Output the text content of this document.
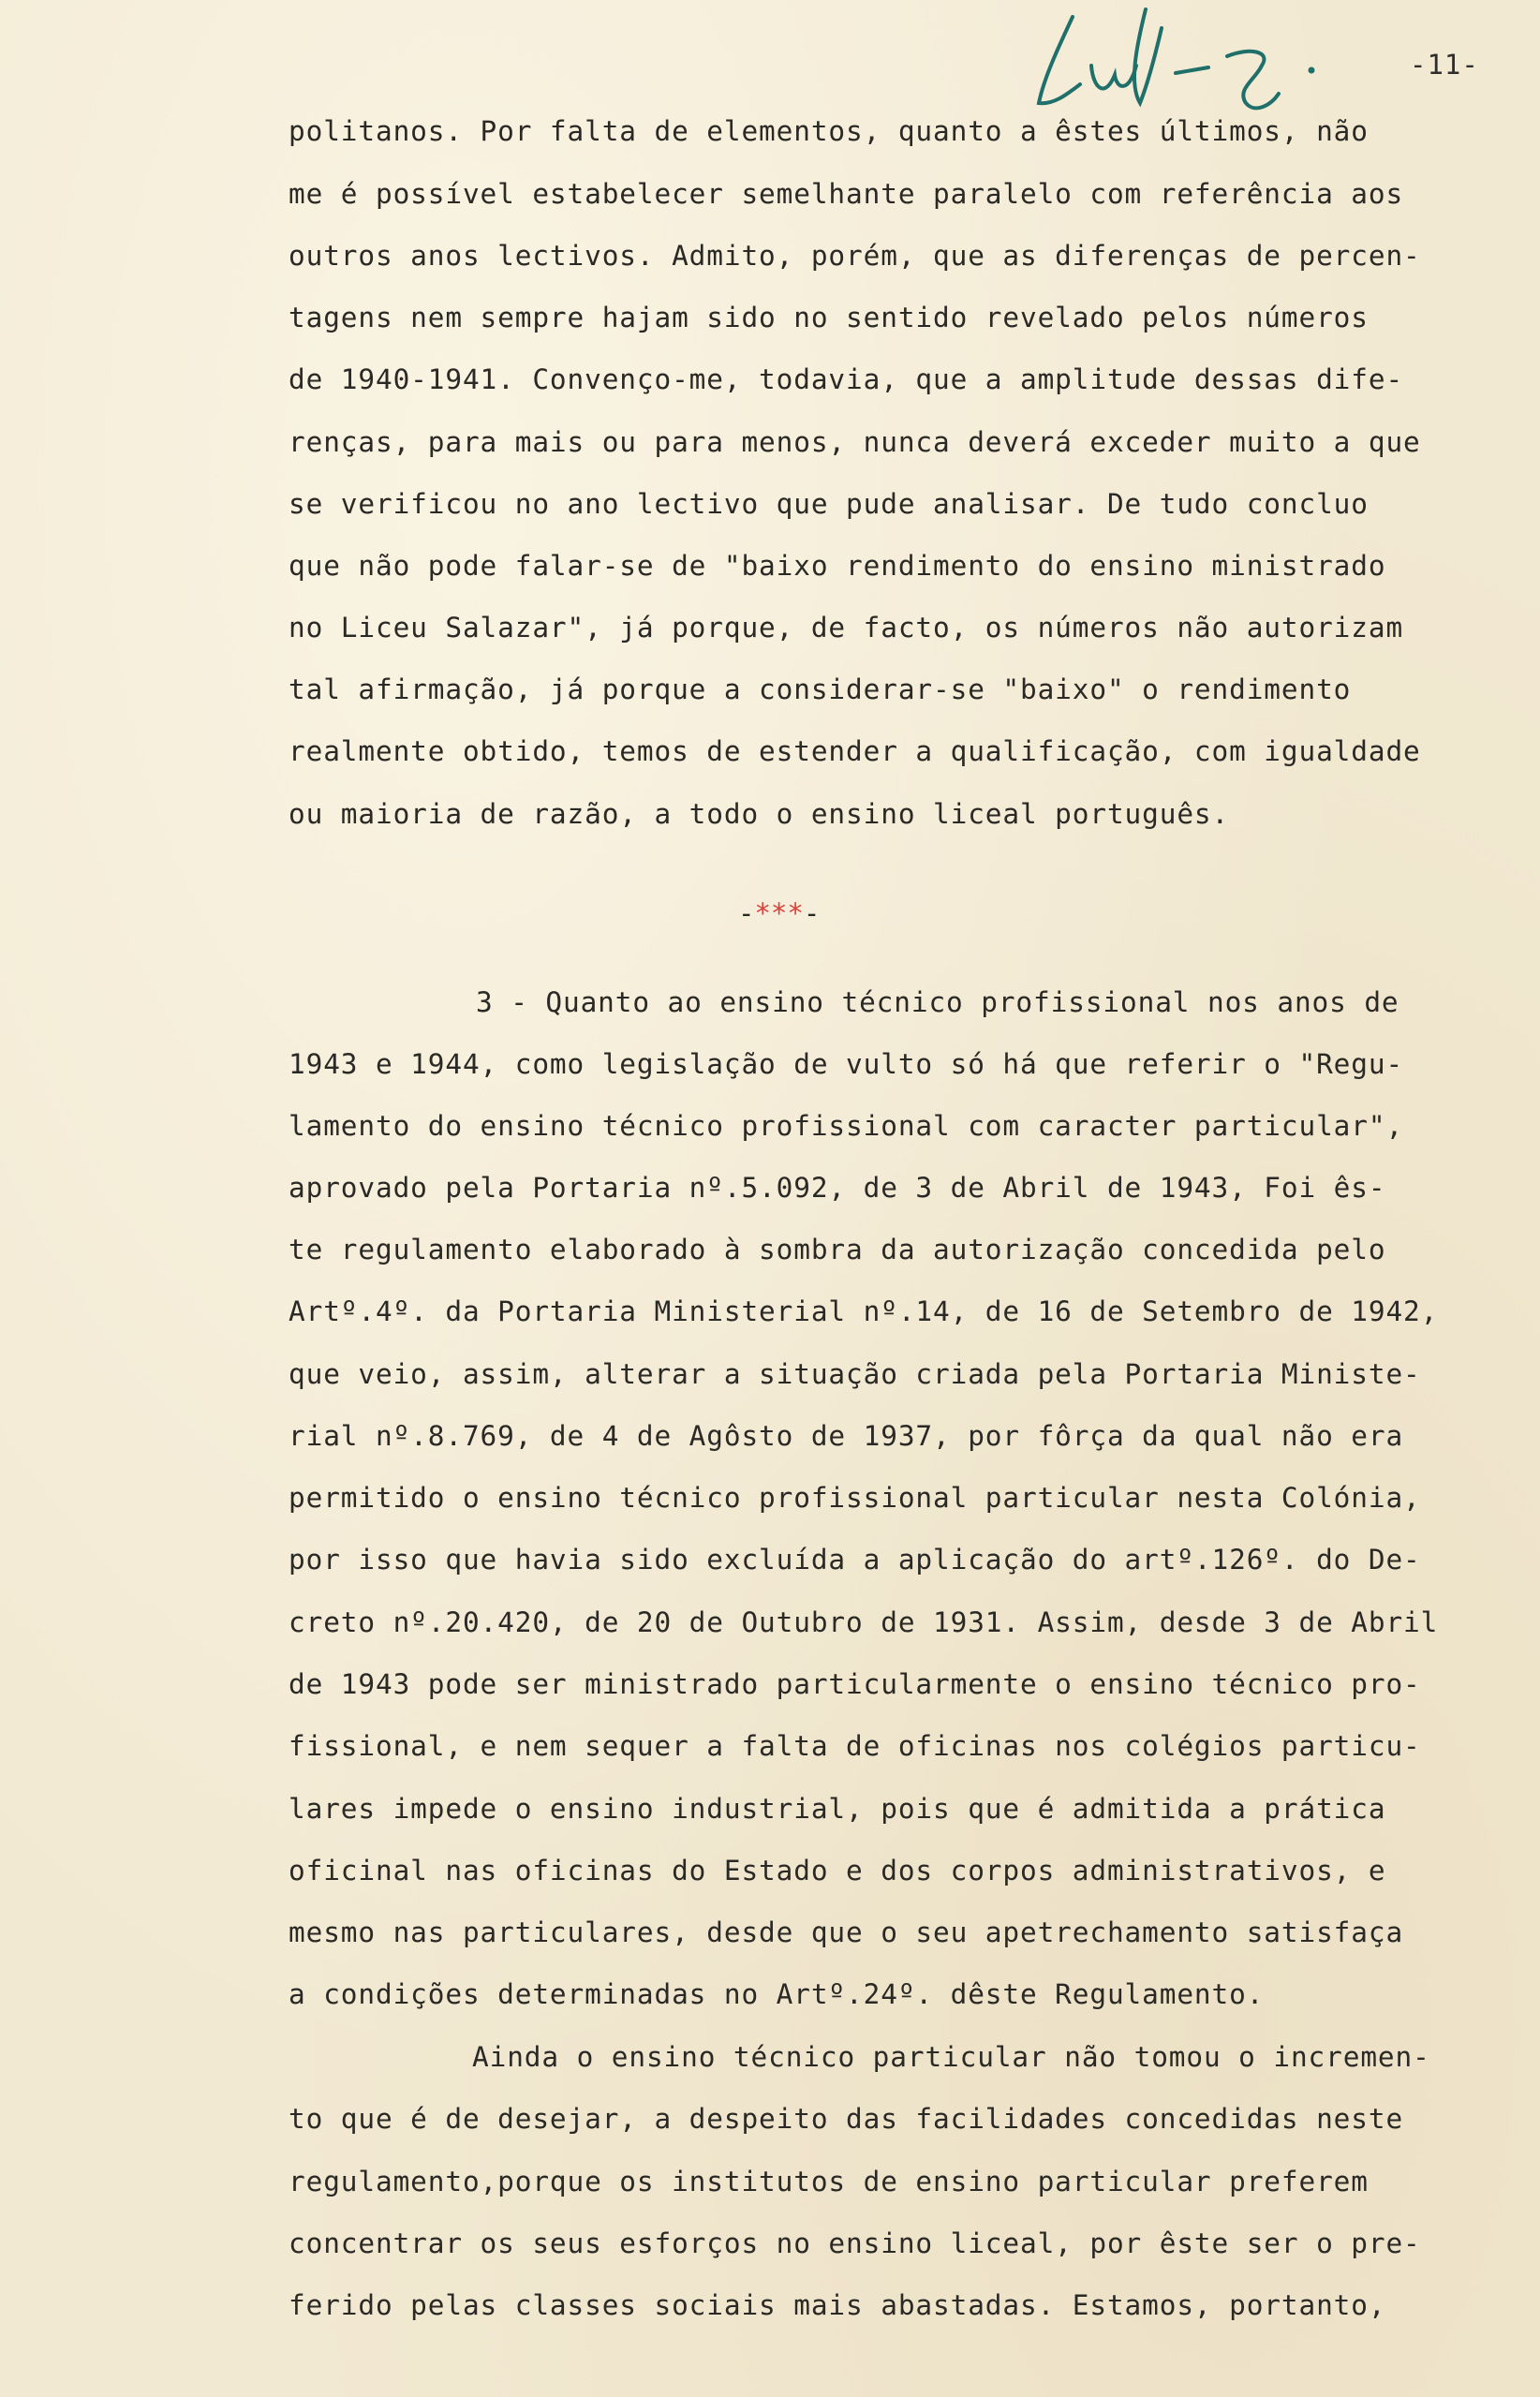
-11-
politanos. Por falta de elementos, quanto a êstes últimos, não
me é possível estabelecer semelhante paralelo com referência aos
outros anos lectivos. Admito, porém, que as diferenças de percen-
tagens nem sempre hajam sido no sentido revelado pelos números
de 1940-1941. Convenço-me, todavia, que a amplitude dessas dife-
renças, para mais ou para menos, nunca deverá exceder muito a que
se verificou no ano lectivo que pude analisar. De tudo concluo
que não pode falar-se de "baixo rendimento do ensino ministrado
no Liceu Salazar", já porque, de facto, os números não autorizam
tal afirmação, já porque a considerar-se "baixo" o rendimento
realmente obtido, temos de estender a qualificação, com igualdade
ou maioria de razão, a todo o ensino liceal português.
3 - Quanto ao ensino técnico profissional nos anos de
1943 e 1944, como legislação de vulto só há que referir o "Regu-
lamento do ensino técnico profissional com caracter particular",
aprovado pela Portaria nº.5.092, de 3 de Abril de 1943, Foi ês-
te regulamento elaborado à sombra da autorização concedida pelo
Artº.4º. da Portaria Ministerial nº.14, de 16 de Setembro de 1942,
que veio, assim, alterar a situação criada pela Portaria Ministe-
rial nº.8.769, de 4 de Agôsto de 1937, por fôrça da qual não era
permitido o ensino técnico profissional particular nesta Colónia,
por isso que havia sido excluída a aplicação do artº.126º. do De-
creto nº.20.420, de 20 de Outubro de 1931. Assim, desde 3 de Abril
de 1943 pode ser ministrado particularmente o ensino técnico pro-
fissional, e nem sequer a falta de oficinas nos colégios particu-
lares impede o ensino industrial, pois que é admitida a prática
oficinal nas oficinas do Estado e dos corpos administrativos, e
mesmo nas particulares, desde que o seu apetrechamento satisfaça
a condições determinadas no Artº.24º. dêste Regulamento.
Ainda o ensino técnico particular não tomou o incremen-
to que é de desejar, a despeito das facilidades concedidas neste
regulamento,porque os institutos de ensino particular preferem
concentrar os seus esforços no ensino liceal, por êste ser o pre-
ferido pelas classes sociais mais abastadas. Estamos, portanto,
-***-
